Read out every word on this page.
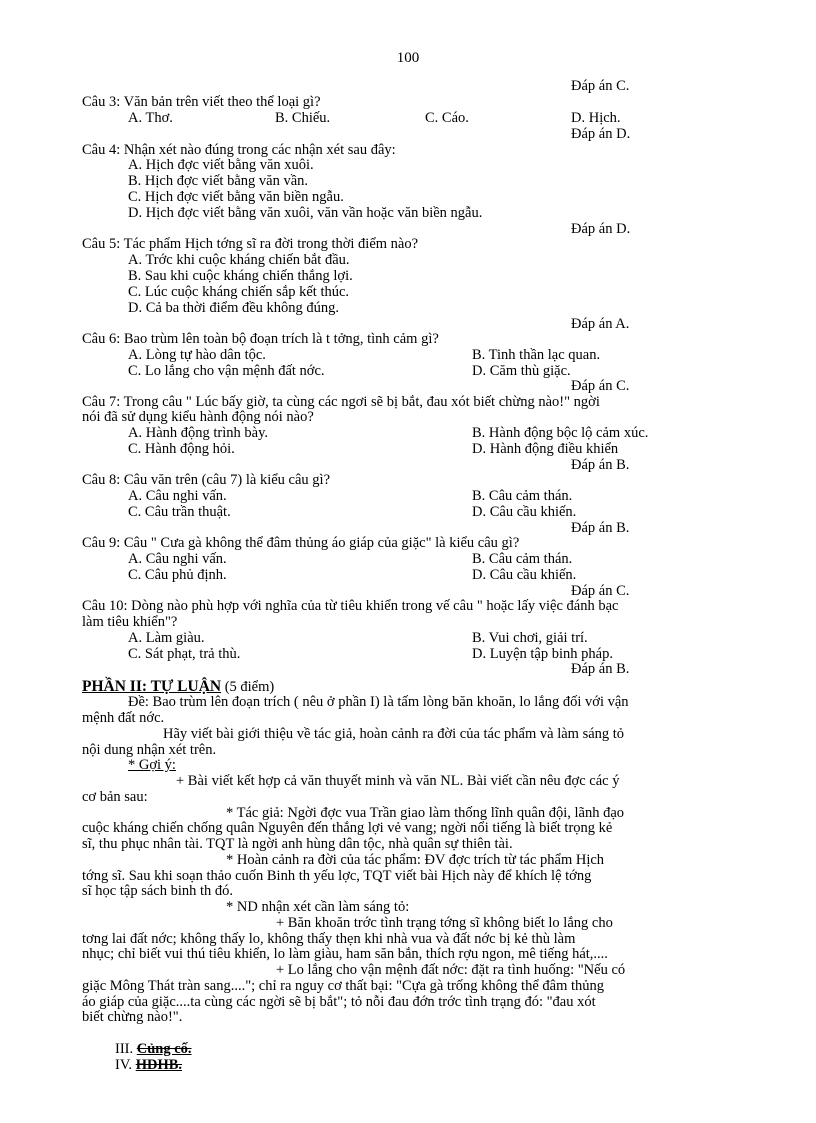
100
Đáp án C.
Câu 3: Văn bản trên viết theo thể loại gì?
A. Thơ.	B. Chiếu.	C. Cáo.	D. Hịch.
Đáp án D.
Câu 4: Nhận xét nào đúng trong các nhận xét sau đây:
A. Hịch đợc viết bằng văn xuôi.
B. Hịch đợc viết bằng văn vần.
C. Hịch đợc viết bằng văn biền ngẫu.
D. Hịch đợc viết bằng văn xuôi, văn vần hoặc văn biền ngẫu.
Đáp án D.
Câu 5: Tác phẩm Hịch tớng sĩ ra đời trong thời điểm nào?
A. Trớc khi cuộc kháng chiến bắt đầu.
B. Sau khi cuộc kháng chiến thắng lợi.
C. Lúc cuộc kháng chiến sắp kết thúc.
D. Cả ba thời điểm đều không đúng.
Đáp án A.
Câu 6: Bao trùm lên toàn bộ đoạn trích là t tởng, tình cảm gì?
A. Lòng tự hào dân tộc.	B. Tinh thần lạc quan.
C. Lo lắng cho vận mệnh đất nớc.	D. Căm thù giặc.
Đáp án C.
Câu 7: Trong câu " Lúc bấy giờ, ta cùng các ngơi sẽ bị bắt, đau xót biết chừng nào!" ngời
nói đã sử dụng kiểu hành động nói nào?
A. Hành động trình bày.	B. Hành động bộc lộ cảm xúc.
C. Hành động hỏi.	D. Hành động điều khiển
Đáp án B.
Câu 8: Câu văn trên (câu 7) là kiểu câu gì?
A. Câu nghi vấn.	B. Câu cảm thán.
C. Câu trần thuật.	D. Câu cầu khiến.
Đáp án B.
Câu 9: Câu " Cưa gà không thể đâm thủng áo giáp của giặc" là kiểu câu gì?
A. Câu nghi vấn.	B. Câu cảm thán.
C. Câu phủ định.	D. Câu cầu khiến.
Đáp án C.
Câu 10: Dòng nào phù hợp với nghĩa của từ tiêu khiển trong vế câu " hoặc lấy việc đánh bạc
làm tiêu khiển"?
A. Làm giàu.	B. Vui chơi, giải trí.
C. Sát phạt, trả thù.	D. Luyện tập binh pháp.
Đáp án B.
PHẦN II: TỰ LUẬN (5 điểm)
Đề: Bao trùm lên đoạn trích ( nêu ở phần I) là tấm lòng băn khoăn, lo lắng đối với vận
mệnh đất nớc.
Hãy viết bài giới thiệu về tác giả, hoàn cảnh ra đời của tác phẩm và làm sáng tỏ
nội dung nhận xét trên.
* Gợi ý:
+ Bài viết kết hợp cả văn thuyết minh và văn NL. Bài viết cần nêu đợc các ý
cơ bản sau:
* Tác giả: Ngời đợc vua Trần giao làm thống lĩnh quân đội, lãnh đạo
cuộc kháng chiến chống quân Nguyên đến thắng lợi vẻ vang; ngời nổi tiếng là biết trọng kẻ
sĩ, thu phục nhân tài. TQT là ngời anh hùng dân tộc, nhà quân sự thiên tài.
* Hoàn cảnh ra đời của tác phẩm: ĐV đợc trích từ tác phẩm Hịch
tớng sĩ. Sau khi soạn thảo cuốn Binh th yếu lợc, TQT viết bài Hịch này để khích lệ tớng
sĩ học tập sách binh th đó.
* ND nhận xét cần làm sáng tỏ:
+ Băn khoăn trớc tình trạng tớng sĩ không biết lo lắng cho
tơng lai đất nớc; không thấy lo, không thấy thẹn khi nhà vua và đất nớc bị kẻ thù làm
nhục; chỉ biết vui thú tiêu khiển, lo làm giàu, ham săn bắn, thích rợu ngon, mê tiếng hát,....
+ Lo lắng cho vận mệnh đất nớc: đặt ra tình huống: "Nếu có
giặc Mông Thát tràn sang...."; chỉ ra nguy cơ thất bại: "Cựa gà trống không thể đâm thủng
áo giáp của giặc....ta cùng các ngời sẽ bị bắt"; tỏ nỗi đau đớn trớc tình trạng đó: "đau xót
biết chừng nào!".
III. Củng cố.
IV. HDHB.
